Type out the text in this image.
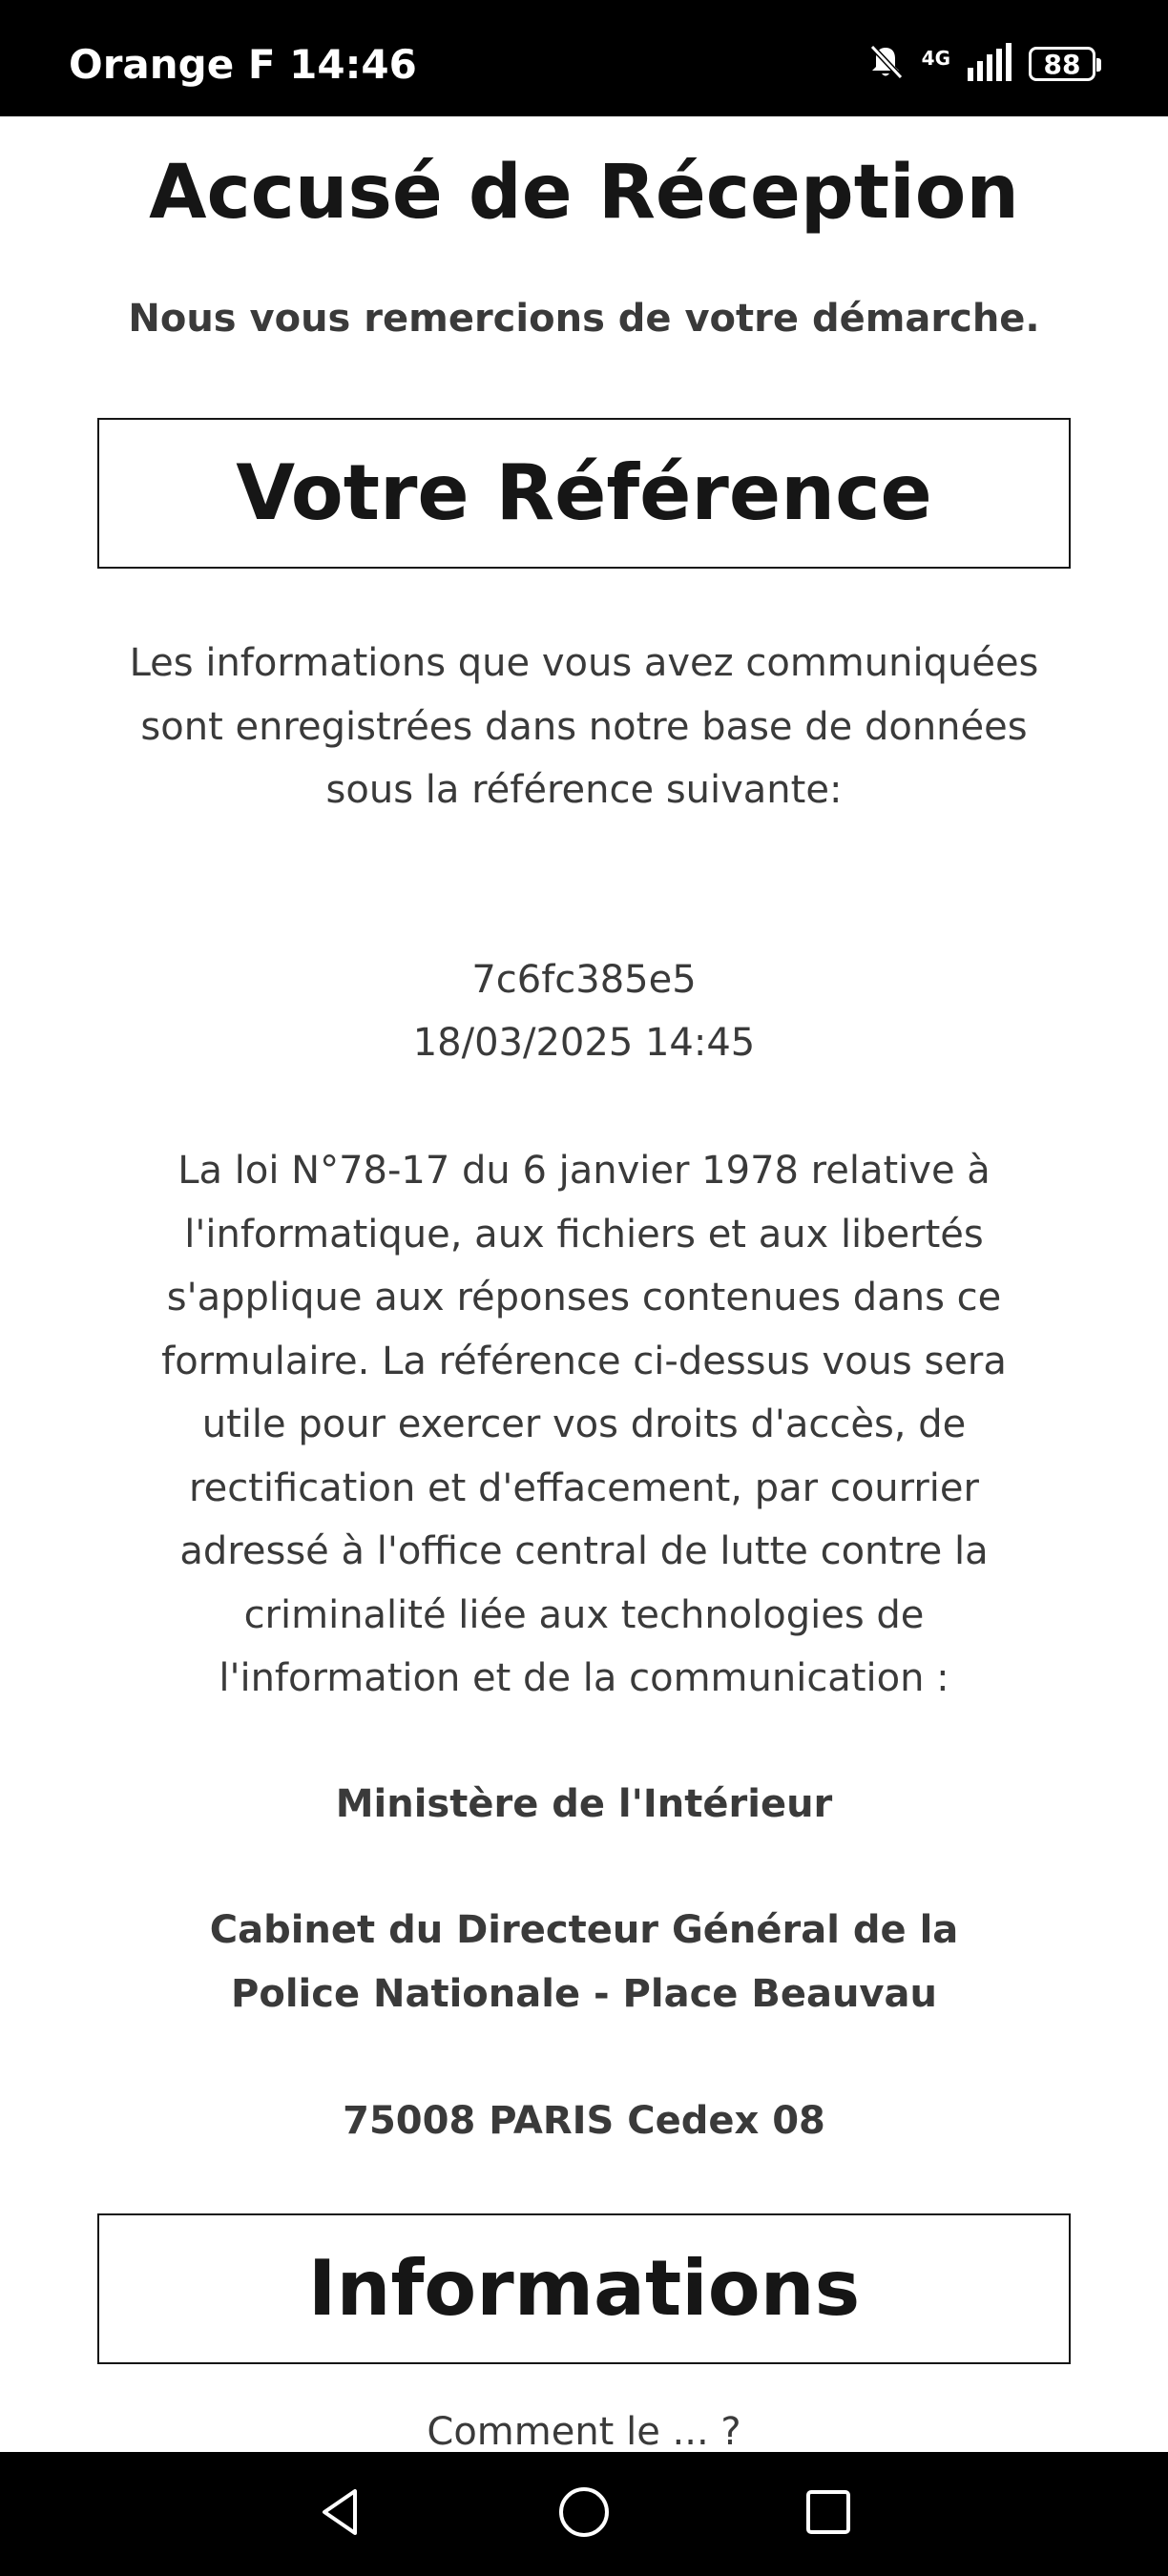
Orange F 14:46	4G	88
Accusé de Réception

Nous vous remercions de votre démarche.

Votre Référence

Les informations que vous avez communiquées sont enregistrées dans notre base de données sous la référence suivante:

7c6fc385e5

18/03/2025 14:45

La loi N°78-17 du 6 janvier 1978 relative à l'informatique, aux fichiers et aux libertés s'applique aux réponses contenues dans ce formulaire. La référence ci-dessus vous sera utile pour exercer vos droits d'accès, de rectification et d'effacement, par courrier adressé à l'office central de lutte contre la criminalité liée aux technologies de l'information et de la communication :

Ministère de l'Intérieur

Cabinet du Directeur Général de la Police Nationale - Place Beauvau

75008 PARIS Cedex 08

Informations

Comment le ... ?
